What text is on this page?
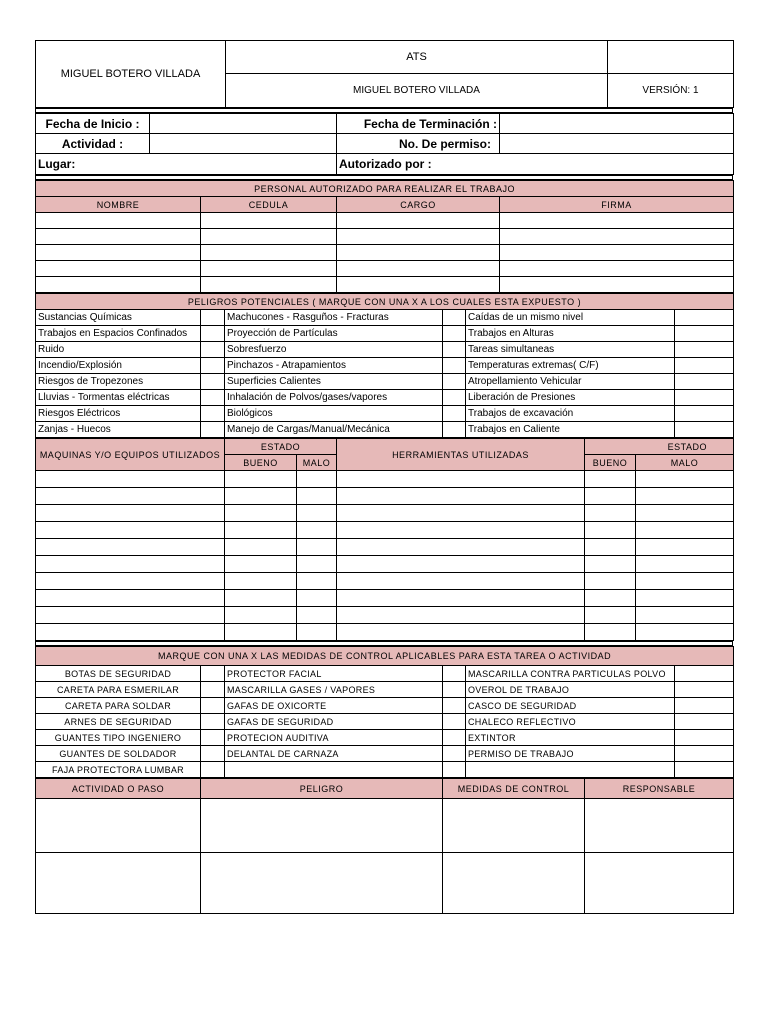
MIGUEL BOTERO VILLADA	ATS	
	MIGUEL BOTERO VILLADA	VERSIÓN: 1
Fecha de Inicio :		Fecha de Terminación :	
Actividad :		No. De permiso:	
Lugar:		Autorizado por :	
PERSONAL AUTORIZADO PARA REALIZAR EL TRABAJO			
NOMBRE	CEDULA	CARGO	FIRMA

PELIGROS POTENCIALES ( MARQUE CON UNA X A LOS CUALES ESTA EXPUESTO )					
Sustancias Químicas		Machucones - Rasguños - Fracturas		Caídas de un mismo nivel	
Trabajos en Espacios Confinados		Proyección de Partículas		Trabajos en Alturas	
Ruido		Sobresfuerzo		Tareas simultaneas	
Incendio/Explosión		Pinchazos - Atrapamientos		Temperaturas extremas( C/F)	
Riesgos de Tropezones		Superficies Calientes		Atropellamiento Vehicular	
Lluvias - Tormentas eléctricas		Inhalación de Polvos/gases/vapores		Liberación de Presiones	
Riesgos Eléctricos		Biológicos		Trabajos de excavación	
Zanjas - Huecos		Manejo de Cargas/Manual/Mecánica		Trabajos en Caliente	
MAQUINAS Y/O EQUIPOS UTILIZADOS	ESTADO		HERRAMIENTAS UTILIZADAS	ESTADO	
	BUENO	MALO		BUENO	MALO

MARQUE CON UNA X LAS MEDIDAS DE CONTROL APLICABLES PARA ESTA TAREA O ACTIVIDAD					
BOTAS DE SEGURIDAD		PROTECTOR FACIAL		MASCARILLA CONTRA PARTICULAS POLVO	
CARETA PARA ESMERILAR		MASCARILLA GASES / VAPORES		OVEROL DE TRABAJO	
CARETA PARA SOLDAR		GAFAS DE OXICORTE		CASCO DE SEGURIDAD	
ARNES DE SEGURIDAD		GAFAS DE SEGURIDAD		CHALECO REFLECTIVO	
GUANTES TIPO INGENIERO		PROTECION AUDITIVA		EXTINTOR	
GUANTES DE SOLDADOR		DELANTAL DE CARNAZA		PERMISO DE TRABAJO	
FAJA PROTECTORA LUMBAR					
ACTIVIDAD O PASO	PELIGRO	MEDIDAS DE CONTROL	RESPONSABLE
